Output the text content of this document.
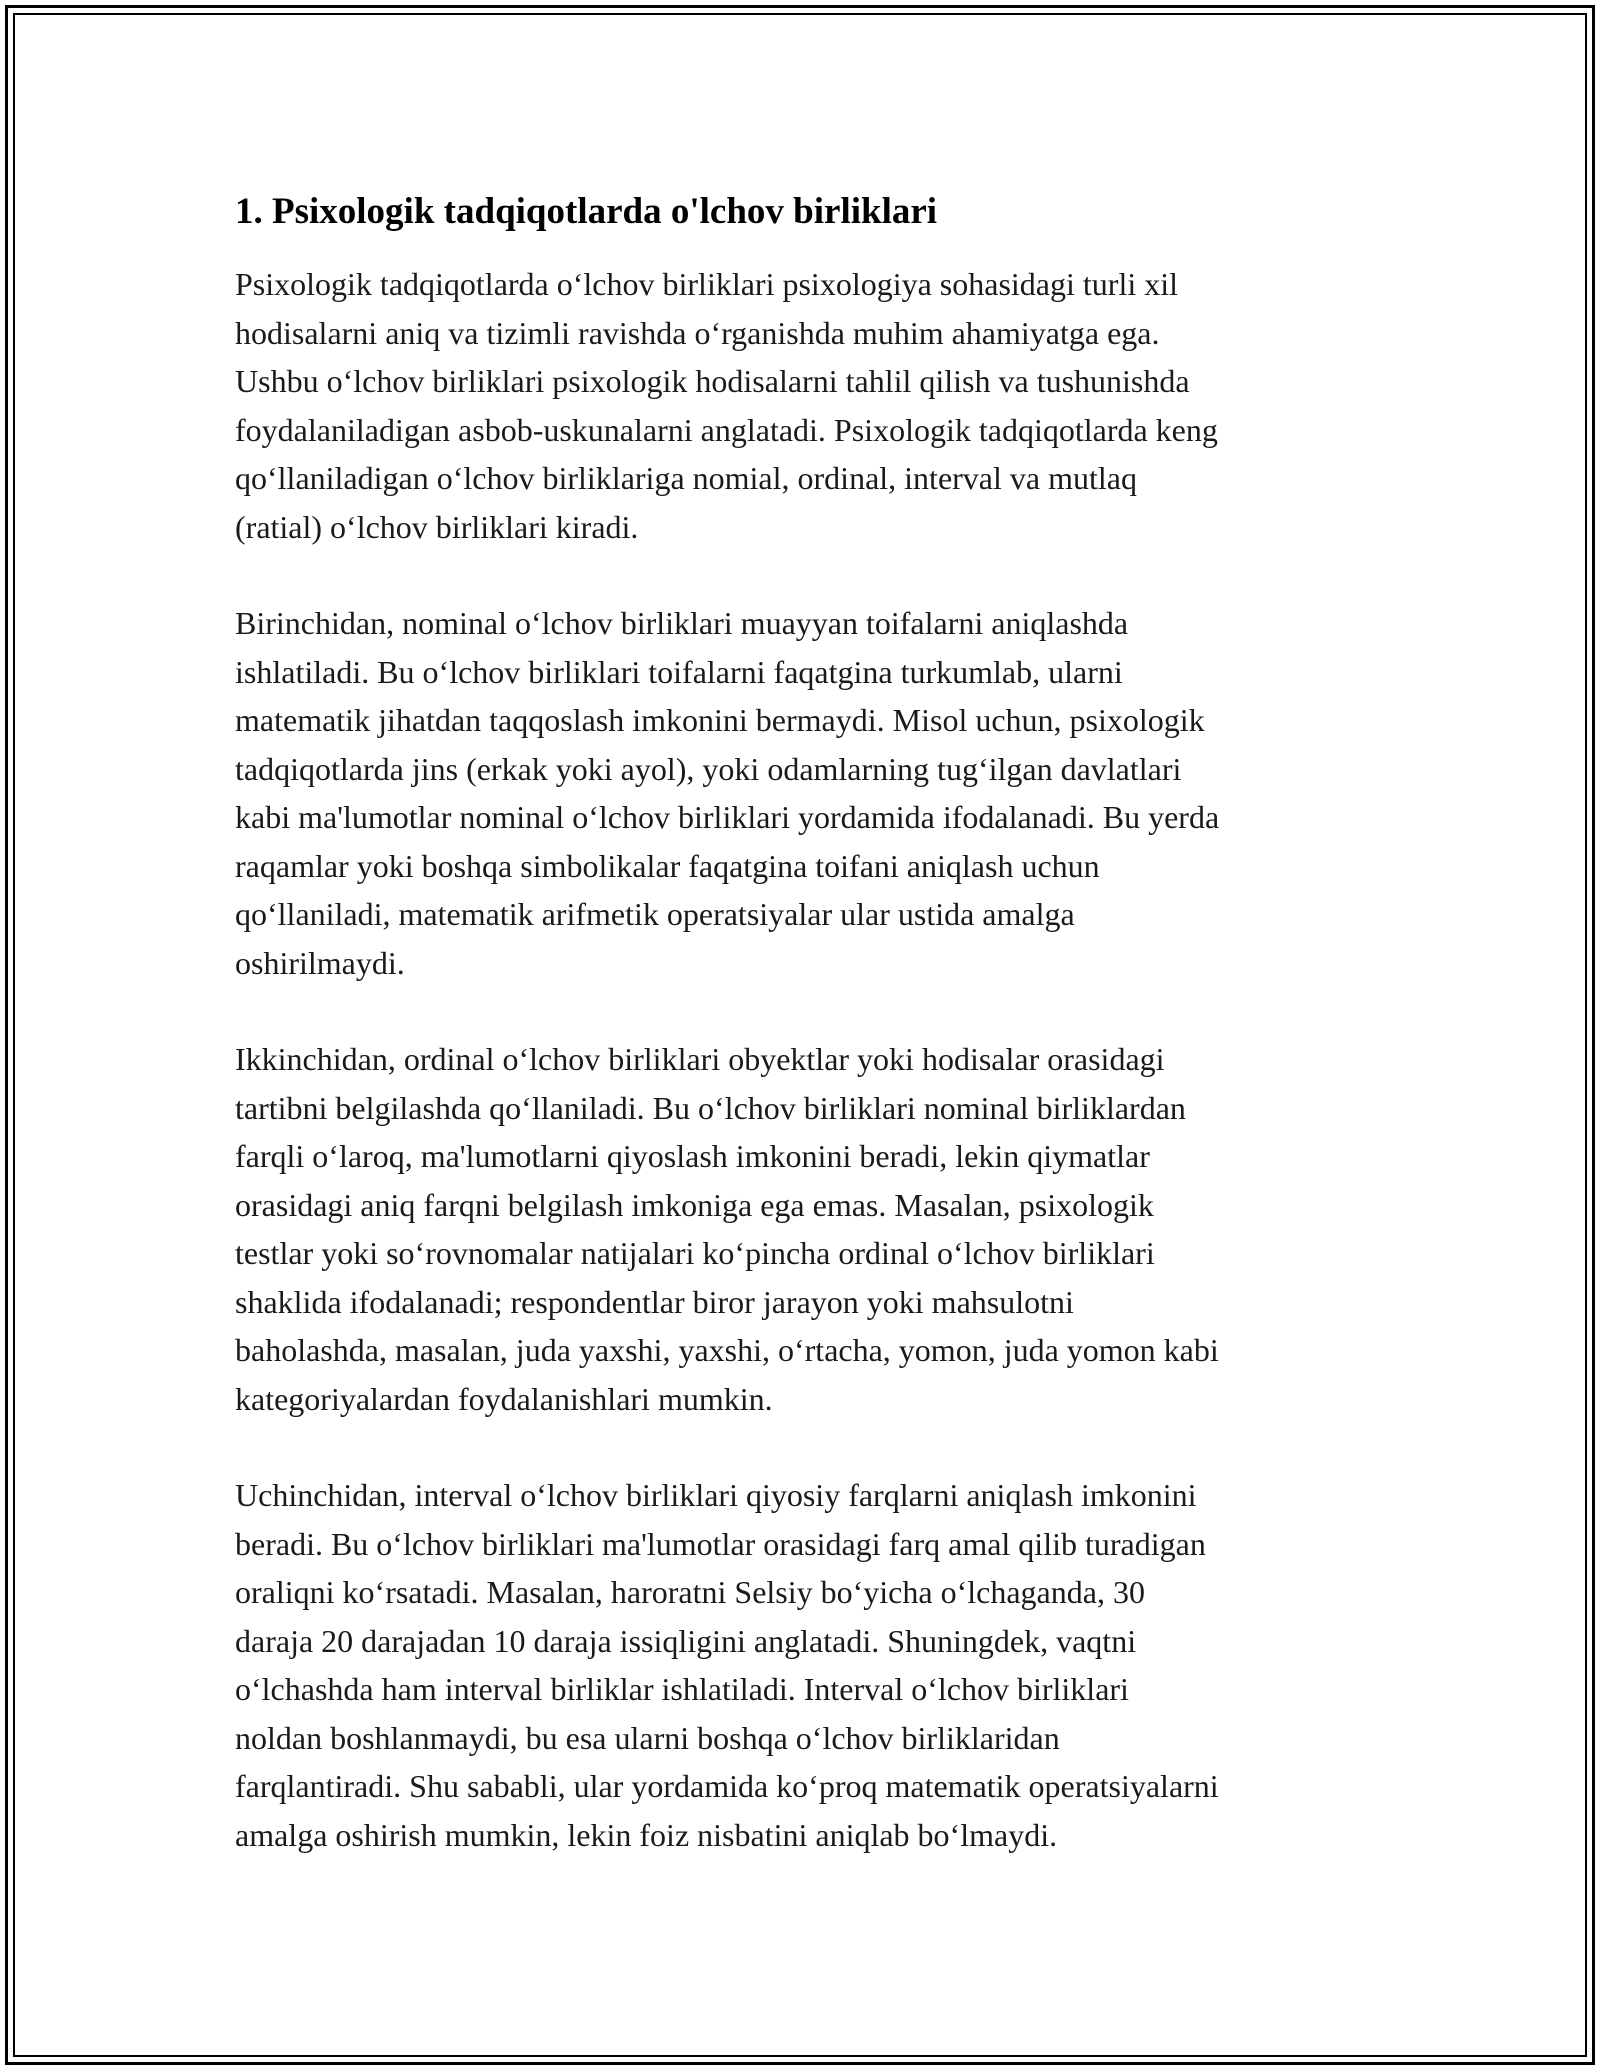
1. Psixologik tadqiqotlarda o'lchov birliklari

Psixologik tadqiqotlarda o‘lchov birliklari psixologiya sohasidagi turli xil
hodisalarni aniq va tizimli ravishda o‘rganishda muhim ahamiyatga ega.
Ushbu o‘lchov birliklari psixologik hodisalarni tahlil qilish va tushunishda
foydalaniladigan asbob-uskunalarni anglatadi. Psixologik tadqiqotlarda keng
qo‘llaniladigan o‘lchov birliklariga nomial, ordinal, interval va mutlaq
(ratial) o‘lchov birliklari kiradi.

Birinchidan, nominal o‘lchov birliklari muayyan toifalarni aniqlashda
ishlatiladi. Bu o‘lchov birliklari toifalarni faqatgina turkumlab, ularni
matematik jihatdan taqqoslash imkonini bermaydi. Misol uchun, psixologik
tadqiqotlarda jins (erkak yoki ayol), yoki odamlarning tug‘ilgan davlatlari
kabi ma'lumotlar nominal o‘lchov birliklari yordamida ifodalanadi. Bu yerda
raqamlar yoki boshqa simbolikalar faqatgina toifani aniqlash uchun
qo‘llaniladi, matematik arifmetik operatsiyalar ular ustida amalga
oshirilmaydi.

Ikkinchidan, ordinal o‘lchov birliklari obyektlar yoki hodisalar orasidagi
tartibni belgilashda qo‘llaniladi. Bu o‘lchov birliklari nominal birliklardan
farqli o‘laroq, ma'lumotlarni qiyoslash imkonini beradi, lekin qiymatlar
orasidagi aniq farqni belgilash imkoniga ega emas. Masalan, psixologik
testlar yoki so‘rovnomalar natijalari ko‘pincha ordinal o‘lchov birliklari
shaklida ifodalanadi; respondentlar biror jarayon yoki mahsulotni
baholashda, masalan, juda yaxshi, yaxshi, o‘rtacha, yomon, juda yomon kabi
kategoriyalardan foydalanishlari mumkin.

Uchinchidan, interval o‘lchov birliklari qiyosiy farqlarni aniqlash imkonini
beradi. Bu o‘lchov birliklari ma'lumotlar orasidagi farq amal qilib turadigan
oraliqni ko‘rsatadi. Masalan, haroratni Selsiy bo‘yicha o‘lchaganda, 30
daraja 20 darajadan 10 daraja issiqligini anglatadi. Shuningdek, vaqtni
o‘lchashda ham interval birliklar ishlatiladi. Interval o‘lchov birliklari
noldan boshlanmaydi, bu esa ularni boshqa o‘lchov birliklaridan
farqlantiradi. Shu sababli, ular yordamida ko‘proq matematik operatsiyalarni
amalga oshirish mumkin, lekin foiz nisbatini aniqlab bo‘lmaydi.
